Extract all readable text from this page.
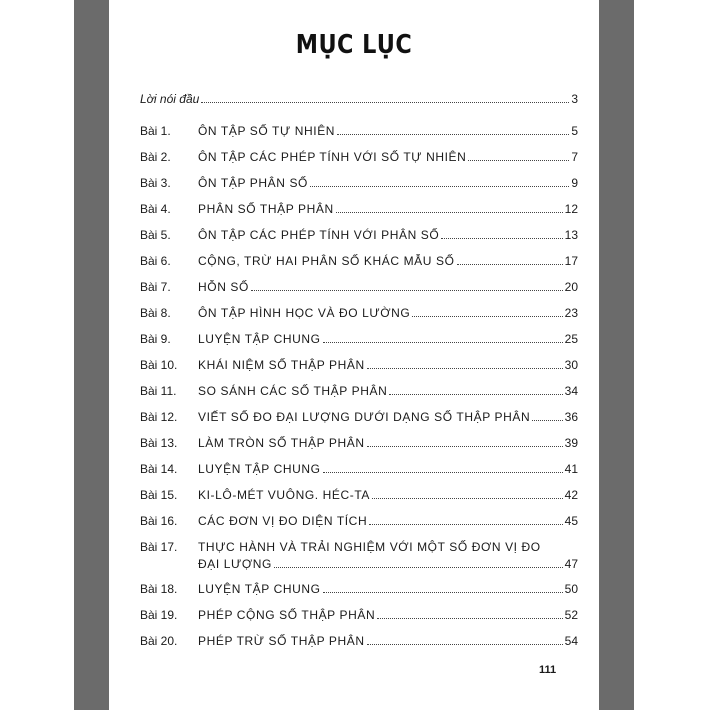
MỤC LỤC
Lời nói đầu	3
Bài 1.	ÔN TẬP SỐ TỰ NHIÊN	5
Bài 2.	ÔN TẬP CÁC PHÉP TÍNH VỚI SỐ TỰ NHIÊN	7
Bài 3.	ÔN TẬP PHÂN SỐ	9
Bài 4.	PHÂN SỐ THẬP PHÂN	12
Bài 5.	ÔN TẬP CÁC PHÉP TÍNH VỚI PHÂN SỐ	13
Bài 6.	CỘNG, TRỪ HAI PHÂN SỐ KHÁC MẪU SỐ	17
Bài 7.	HỖN SỐ	20
Bài 8.	ÔN TẬP HÌNH HỌC VÀ ĐO LƯỜNG	23
Bài 9.	LUYỆN TẬP CHUNG	25
Bài 10.	KHÁI NIỆM SỐ THẬP PHÂN	30
Bài 11.	SO SÁNH CÁC SỐ THẬP PHÂN	34
Bài 12.	VIẾT SỐ ĐO ĐẠI LƯỢNG DƯỚI DẠNG SỐ THẬP PHÂN	36
Bài 13.	LÀM TRÒN SỐ THẬP PHÂN	39
Bài 14.	LUYỆN TẬP CHUNG	41
Bài 15.	KI-LÔ-MÉT VUÔNG. HÉC-TA	42
Bài 16.	CÁC ĐƠN VỊ ĐO DIỆN TÍCH	45
Bài 17.	THỰC HÀNH VÀ TRẢI NGHIỆM VỚI MỘT SỐ ĐƠN VỊ ĐO
ĐẠI LƯỢNG	47
Bài 18.	LUYỆN TẬP CHUNG	50
Bài 19.	PHÉP CỘNG SỐ THẬP PHÂN	52
Bài 20.	PHÉP TRỪ SỐ THẬP PHÂN	54
111
